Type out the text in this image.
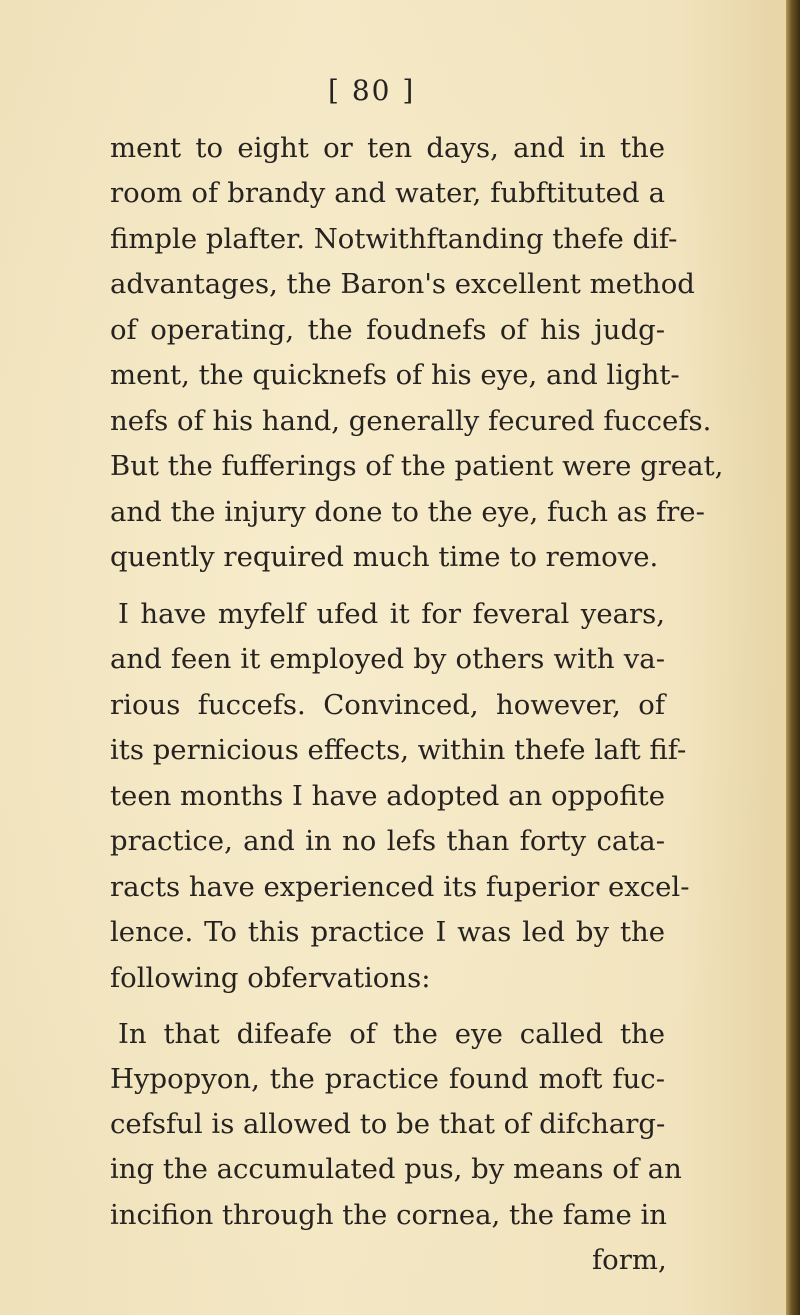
[ 80 ]
ment to eight or ten days, and in the
room of brandy and water, fubftituted a
fimple plafter. Notwithftanding thefe dif-
advantages, the Baron's excellent method
of operating, the foudnefs of his judg-
ment, the quicknefs of his eye, and light-
nefs of his hand, generally fecured fuccefs.
But the fufferings of the patient were great,
and the injury done to the eye, fuch as fre-
quently required much time to remove.
I have myfelf ufed it for feveral years,
and feen it employed by others with va-
rious fuccefs. Convinced, however, of
its pernicious effects, within thefe laft fif-
teen months I have adopted an oppofite
practice, and in no lefs than forty cata-
racts have experienced its fuperior excel-
lence. To this practice I was led by the
following obfervations:
In that difeafe of the eye called the
Hypopyon, the practice found moft fuc-
cefsful is allowed to be that of difcharg-
ing the accumulated pus, by means of an
incifion through the cornea, the fame in
form,
